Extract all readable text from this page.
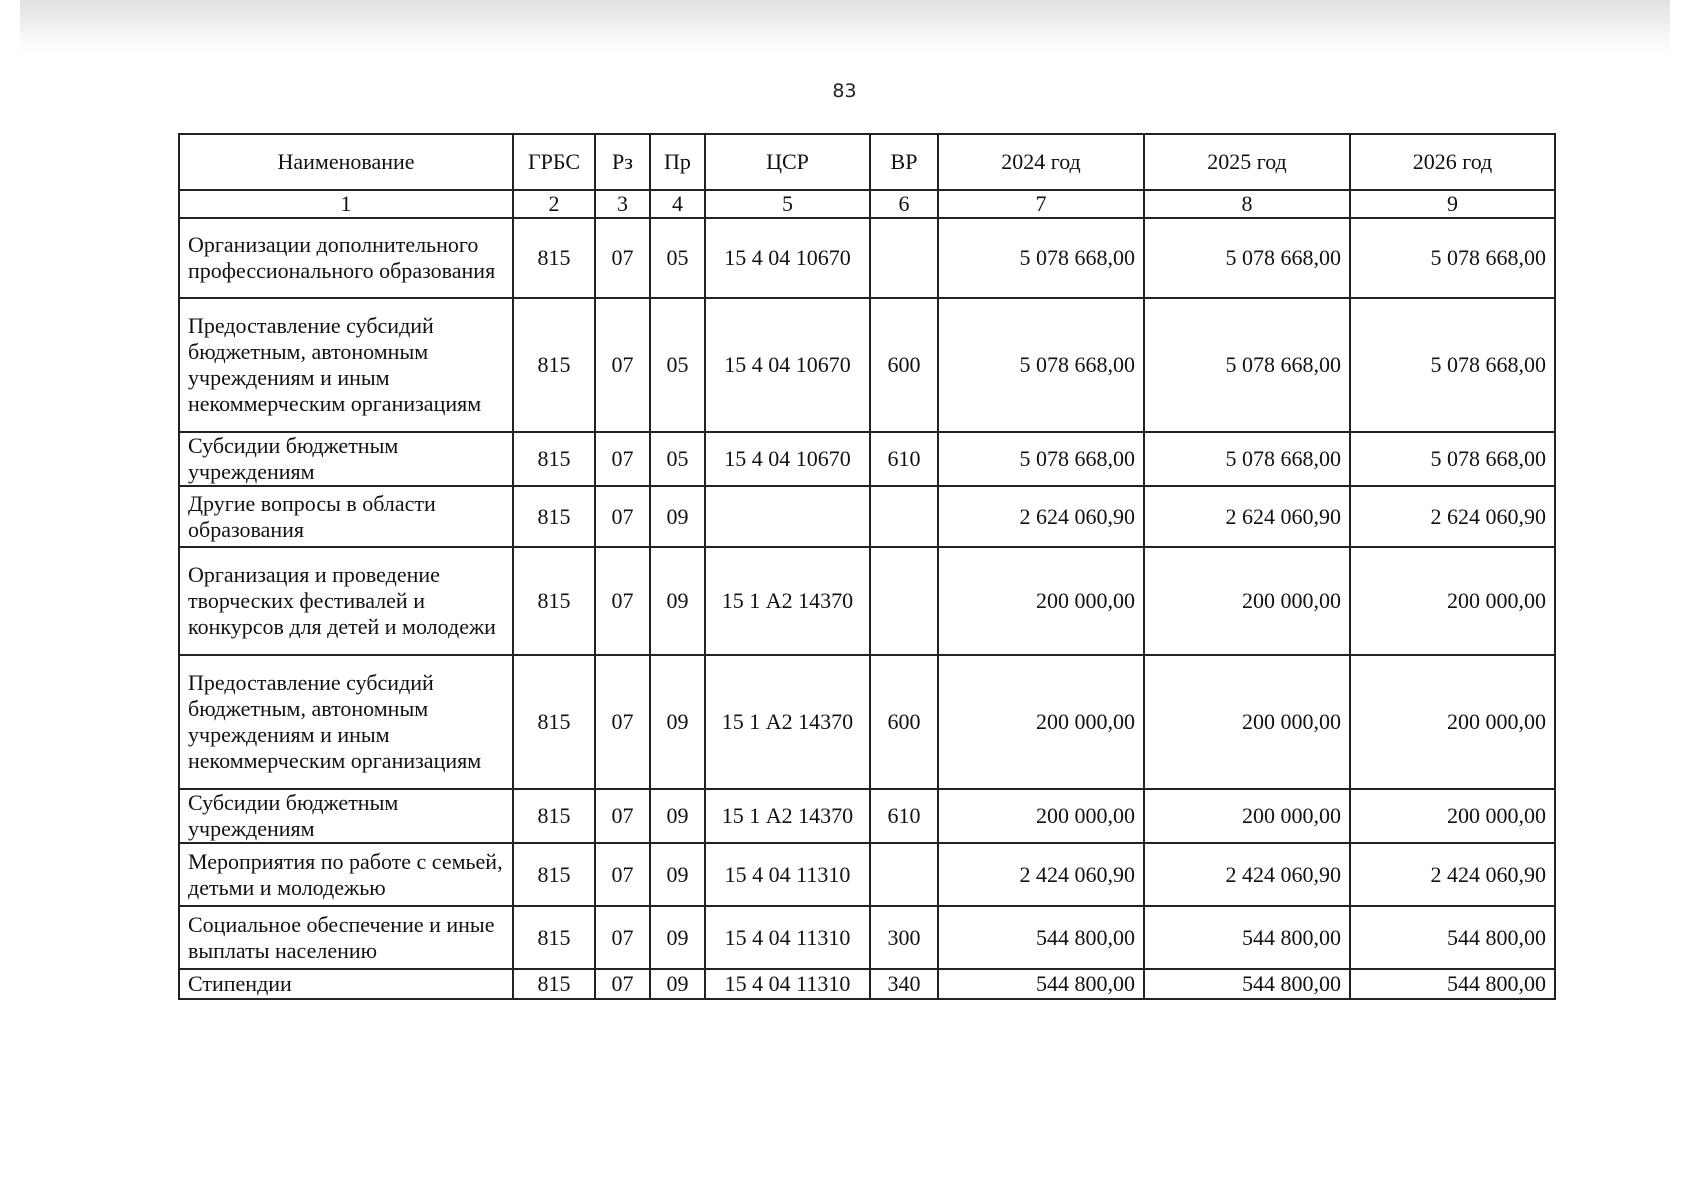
83
Наименование	ГРБС	Рз	Пр	ЦСР	ВР	2024 год	2025 год	2026 год
1	2	3	4	5	6	7	8	9
Организации дополнительного профессионального образования	815	07	05	15 4 04 10670		5 078 668,00	5 078 668,00	5 078 668,00
Предоставление субсидий бюджетным, автономным учреждениям и иным некоммерческим организациям	815	07	05	15 4 04 10670	600	5 078 668,00	5 078 668,00	5 078 668,00
Субсидии бюджетным учреждениям	815	07	05	15 4 04 10670	610	5 078 668,00	5 078 668,00	5 078 668,00
Другие вопросы в области образования	815	07	09			2 624 060,90	2 624 060,90	2 624 060,90
Организация и проведение творческих фестивалей и конкурсов для детей и молодежи	815	07	09	15 1 А2 14370		200 000,00	200 000,00	200 000,00
Предоставление субсидий бюджетным, автономным учреждениям и иным некоммерческим организациям	815	07	09	15 1 А2 14370	600	200 000,00	200 000,00	200 000,00
Субсидии бюджетным учреждениям	815	07	09	15 1 А2 14370	610	200 000,00	200 000,00	200 000,00
Мероприятия по работе с семьей, детьми и молодежью	815	07	09	15 4 04 11310		2 424 060,90	2 424 060,90	2 424 060,90
Социальное обеспечение и иные выплаты населению	815	07	09	15 4 04 11310	300	544 800,00	544 800,00	544 800,00
Стипендии	815	07	09	15 4 04 11310	340	544 800,00	544 800,00	544 800,00
